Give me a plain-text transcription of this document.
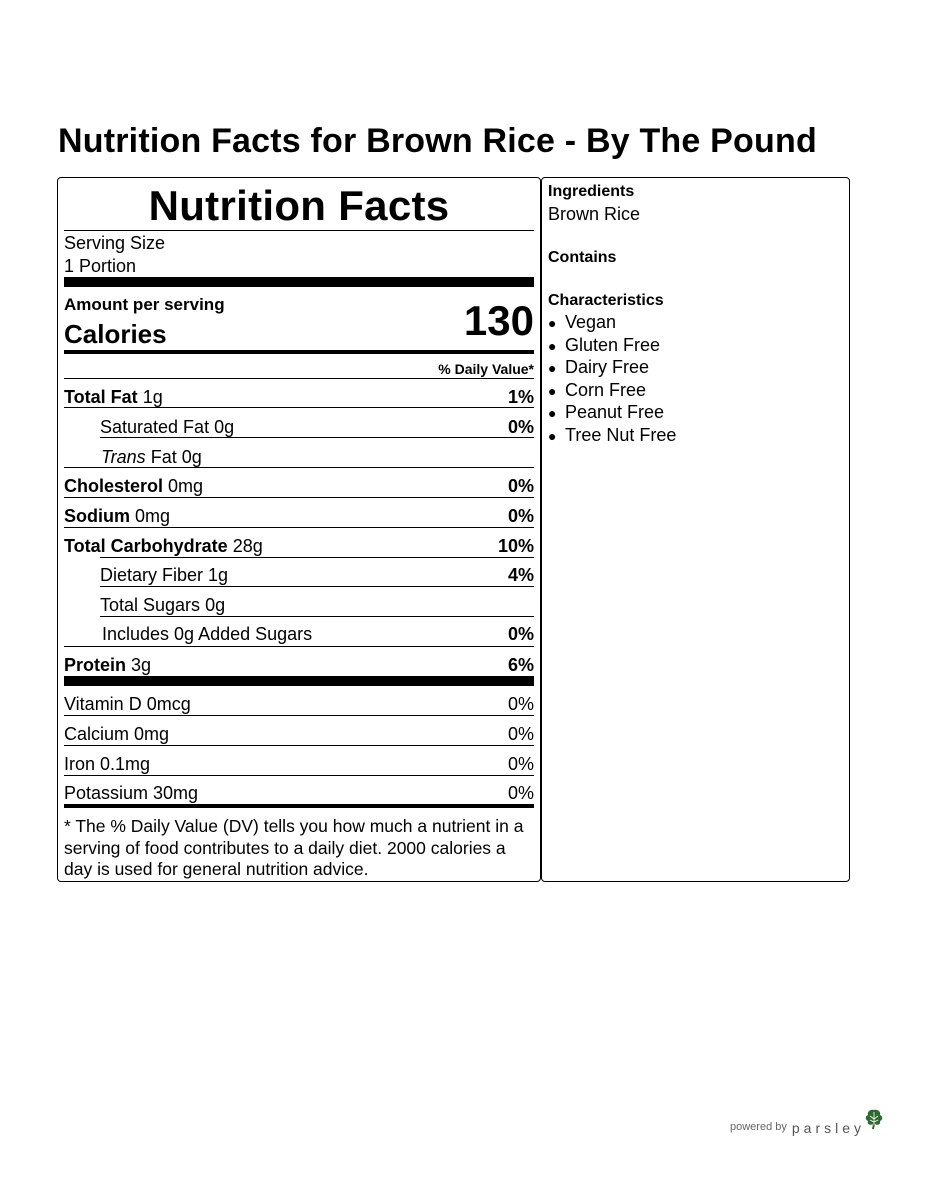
Nutrition Facts for Brown Rice - By The Pound
Nutrition Facts
Serving Size
1 Portion
Amount per serving
Calories	130
% Daily Value*
Total Fat 1g	1%
Saturated Fat 0g	0%
Trans Fat 0g
Cholesterol 0mg	0%
Sodium 0mg	0%
Total Carbohydrate 28g	10%
Dietary Fiber 1g	4%
Total Sugars 0g
Includes 0g Added Sugars	0%
Protein 3g	6%
Vitamin D 0mcg	0%
Calcium 0mg	0%
Iron 0.1mg	0%
Potassium 30mg	0%
* The % Daily Value (DV) tells you how much a nutrient in a serving of food contributes to a daily diet. 2000 calories a day is used for general nutrition advice.
Ingredients
Brown Rice
Contains
Characteristics
● Vegan
● Gluten Free
● Dairy Free
● Corn Free
● Peanut Free
● Tree Nut Free
powered by parsley
